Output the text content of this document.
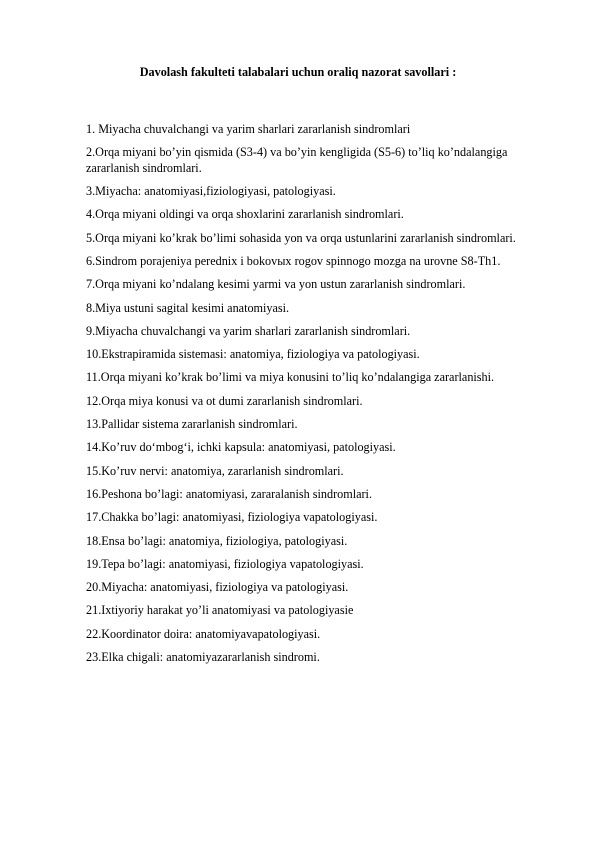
Davolash fakulteti talabalari uchun oraliq nazorat savollari :
1. Miyacha chuvalchangi va yarim sharlari zararlanish sindromlari
2.Orqa miyani bo’yin qismida (S3-4) va bo’yin kengligida (S5-6) to’liq ko’ndalangiga zararlanish sindromlari.
3.Miyacha: anatomiyasi,fiziologiyasi, patologiyasi.
4.Orqa miyani oldingi va orqa shoxlarini zararlanish sindromlari.
5.Orqa miyani ko’krak bo’limi sohasida yon va orqa ustunlarini zararlanish sindromlari.
6.Sindrom porajeniya perednix i bokovых rogov spinnogo mozga na urovne S8-Th1.
7.Orqa miyani ko’ndalang kesimi yarmi va yon ustun zararlanish sindromlari.
8.Miya ustuni sagital kesimi anatomiyasi.
9.Miyacha chuvalchangi va yarim sharlari zararlanish sindromlari.
10.Ekstrapiramida sistemasi: anatomiya, fiziologiya va patologiyasi.
11.Orqa miyani ko’krak bo’limi va miya konusini to’liq ko’ndalangiga zararlanishi.
12.Orqa miya konusi va ot dumi zararlanish sindromlari.
13.Pallidar sistema zararlanish sindromlari.
14.Ko’ruv do‘mbog‘i, ichki kapsula: anatomiyasi, patologiyasi.
15.Ko’ruv nervi: anatomiya, zararlanish sindromlari.
16.Peshona bo’lagi: anatomiyasi, zararalanish sindromlari.
17.Chakka bo’lagi: anatomiyasi, fiziologiya vapatologiyasi.
18.Ensa bo’lagi: anatomiya, fiziologiya, patologiyasi.
19.Tepa bo’lagi: anatomiyasi, fiziologiya vapatologiyasi.
20.Miyacha: anatomiyasi, fiziologiya va patologiyasi.
21.Ixtiyoriy harakat yo’li anatomiyasi va patologiyasie
22.Koordinator doira: anatomiyavapatologiyasi.
23.Elka chigali: anatomiyazararlanish sindromi.
